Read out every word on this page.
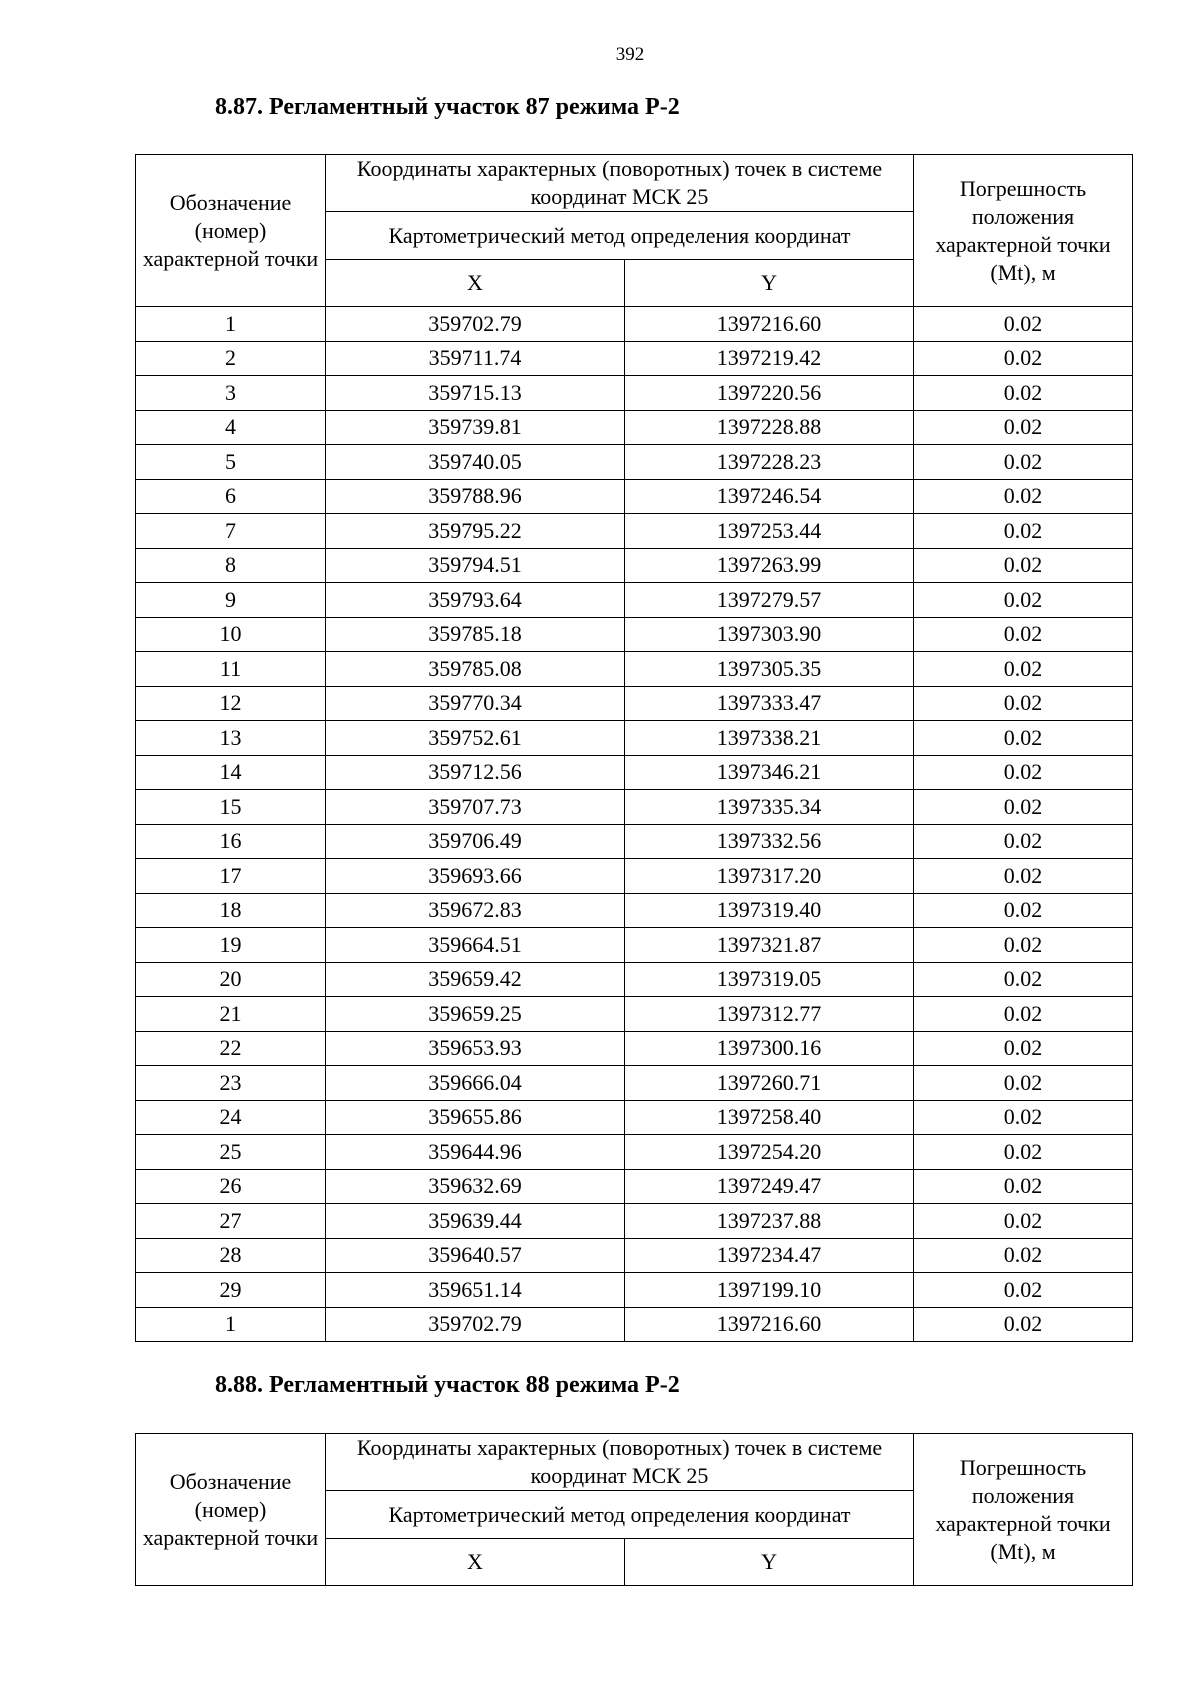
392
8.87. Регламентный участок 87 режима Р-2
Обозначение (номер) характерной точки	Координаты характерных (поворотных) точек в системе координат МСК 25		Погрешность положения характерной точки (Mt), м
	Картометрический метод определения координат		
	X	Y	
1	359702.79	1397216.60	0.02
2	359711.74	1397219.42	0.02
3	359715.13	1397220.56	0.02
4	359739.81	1397228.88	0.02
5	359740.05	1397228.23	0.02
6	359788.96	1397246.54	0.02
7	359795.22	1397253.44	0.02
8	359794.51	1397263.99	0.02
9	359793.64	1397279.57	0.02
10	359785.18	1397303.90	0.02
11	359785.08	1397305.35	0.02
12	359770.34	1397333.47	0.02
13	359752.61	1397338.21	0.02
14	359712.56	1397346.21	0.02
15	359707.73	1397335.34	0.02
16	359706.49	1397332.56	0.02
17	359693.66	1397317.20	0.02
18	359672.83	1397319.40	0.02
19	359664.51	1397321.87	0.02
20	359659.42	1397319.05	0.02
21	359659.25	1397312.77	0.02
22	359653.93	1397300.16	0.02
23	359666.04	1397260.71	0.02
24	359655.86	1397258.40	0.02
25	359644.96	1397254.20	0.02
26	359632.69	1397249.47	0.02
27	359639.44	1397237.88	0.02
28	359640.57	1397234.47	0.02
29	359651.14	1397199.10	0.02
1	359702.79	1397216.60	0.02
8.88. Регламентный участок 88 режима Р-2
Обозначение (номер) характерной точки	Координаты характерных (поворотных) точек в системе координат МСК 25		Погрешность положения характерной точки (Mt), м
	Картометрический метод определения координат		
	X	Y	
